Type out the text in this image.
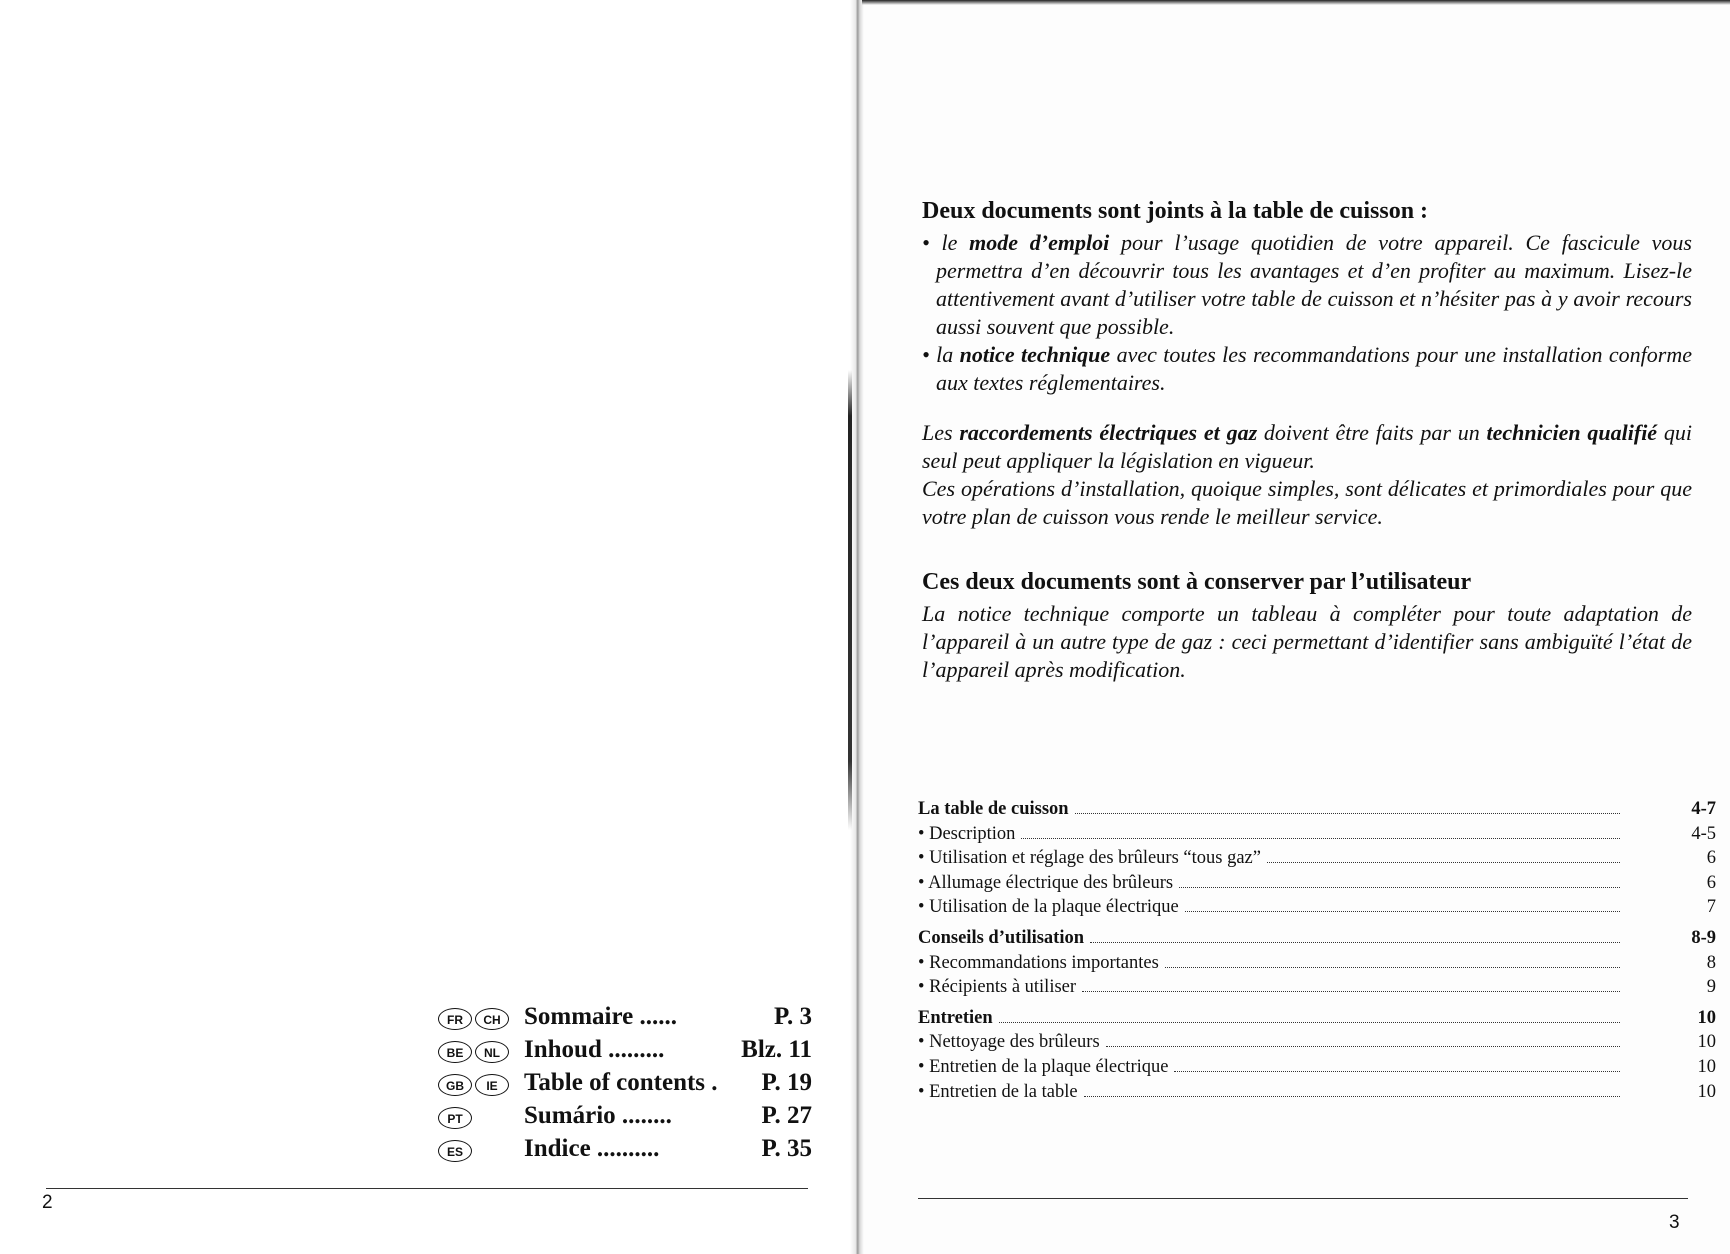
FR	CH Sommaire ......	P. 3
BE	NL Inhoud .........	Blz. 11
GB	IE	Table of contents .	P. 19
PT	Sumário ........	P. 27
ES	Indice ..........	P. 35
2
Deux documents sont joints à la table de cuisson :

• le mode d’emploi pour l’usage quotidien de votre appareil. Ce fascicule vous permettra d’en découvrir tous les avantages et d’en profiter au maximum. Lisez-le attentivement avant d’utiliser votre table de cuisson et n’hésiter pas à y avoir recours aussi souvent que possible.

• la notice technique avec toutes les recommandations pour une installation conforme aux textes réglementaires.

Les raccordements électriques et gaz doivent être faits par un technicien qualifié qui seul peut appliquer la législation en vigueur.

Ces opérations d’installation, quoique simples, sont délicates et primordiales pour que votre plan de cuisson vous rende le meilleur service.

Ces deux documents sont à conserver par l’utilisateur

La notice technique comporte un tableau à compléter pour toute adaptation de l’appareil à un autre type de gaz : ceci permettant d’identifier sans ambiguïté l’état de l’appareil après modification.

La table de cuisson	4-7
• Description	4-5
• Utilisation et réglage des brûleurs “tous gaz”	6
• Allumage électrique des brûleurs	6
• Utilisation de la plaque électrique	7
Conseils d’utilisation	8-9
• Recommandations importantes	8
• Récipients à utiliser	9
Entretien	10
• Nettoyage des brûleurs	10
• Entretien de la plaque électrique	10
• Entretien de la table	10
3
